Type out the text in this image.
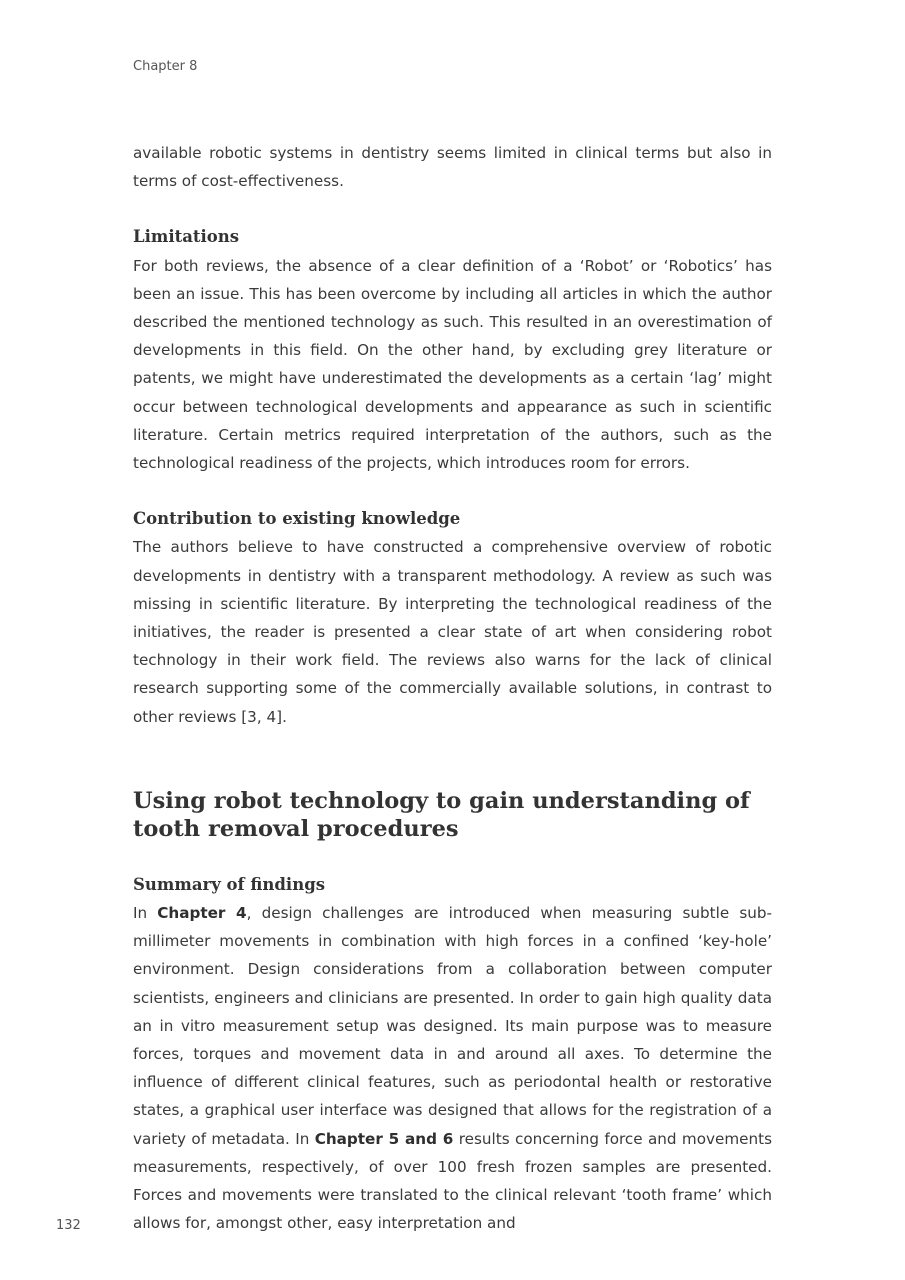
Chapter 8

available robotic systems in dentistry seems limited in clinical terms but also in terms of cost-effectiveness.

Limitations

For both reviews, the absence of a clear definition of a ‘Robot’ or ‘Robotics’ has been an issue. This has been overcome by including all articles in which the author described the mentioned technology as such. This resulted in an overestimation of developments in this field. On the other hand, by excluding grey literature or patents, we might have underestimated the developments as a certain ‘lag’ might occur between technological developments and appearance as such in scientific literature. Certain metrics required interpretation of the authors, such as the technological readiness of the projects, which introduces room for errors.

Contribution to existing knowledge

The authors believe to have constructed a comprehensive overview of robotic developments in dentistry with a transparent methodology. A review as such was missing in scientific literature. By interpreting the technological readiness of the initiatives, the reader is presented a clear state of art when considering robot technology in their work field. The reviews also warns for the lack of clinical research supporting some of the commercially available solutions, in contrast to other reviews [3, 4].

Using robot technology to gain understanding of tooth removal procedures
Summary of findings

In Chapter 4, design challenges are introduced when measuring subtle sub-millimeter movements in combination with high forces in a confined ‘key-hole’ environment. Design considerations from a collaboration between computer scientists, engineers and clinicians are presented. In order to gain high quality data an in vitro measurement setup was designed. Its main purpose was to measure forces, torques and movement data in and around all axes. To determine the influence of different clinical features, such as periodontal health or restorative states, a graphical user interface was designed that allows for the registration of a variety of metadata. In Chapter 5 and 6 results concerning force and movements measurements, respectively, of over 100 fresh frozen samples are presented. Forces and movements were translated to the clinical relevant ‘tooth frame’ which allows for, amongst other, easy interpretation and

132
